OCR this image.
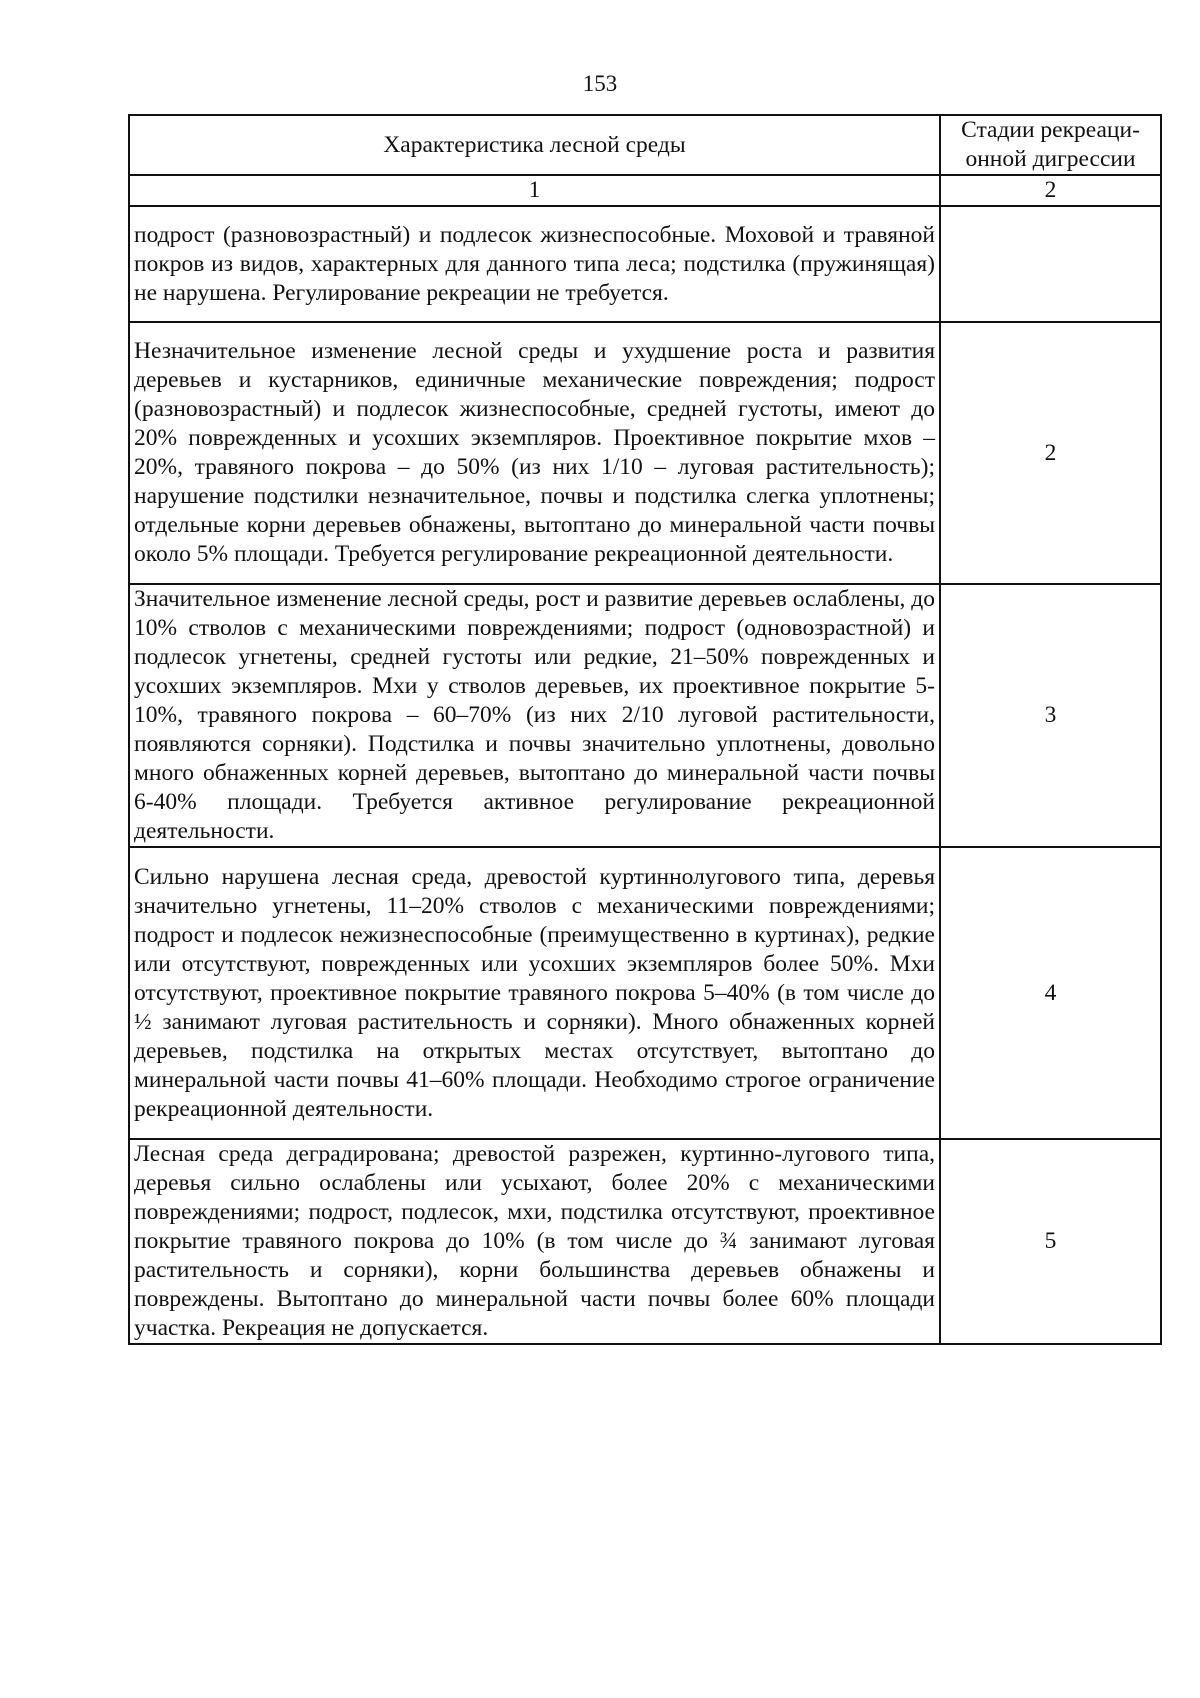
153
Характеристика лесной среды	Стадии рекреаци-
онной дигрессии
1	2
подрост (разновозрастный) и подлесок жизнеспособные. Моховой и травяной покров из видов, характерных для данного типа леса; подстилка (пружинящая) не нарушена. Регулирование рекреации не требуется.	
Незначительное изменение лесной среды и ухудшение роста и развития деревьев и кустарников, единичные механические повреждения; подрост (разновозрастный) и подлесок жизнеспособные, средней густоты, имеют до 20% поврежденных и усохших экземпляров. Проективное покрытие мхов – 20%, травяного покрова – до 50% (из них 1/10 – луговая растительность); нарушение подстилки незначительное, почвы и подстилка слегка уплотнены; отдельные корни деревьев обнажены, вытоптано до минеральной части почвы около 5% площади. Требуется регулирование рекреационной деятельности.	2
Значительное изменение лесной среды, рост и развитие деревьев ослаблены, до 10% стволов с механическими повреждениями; подрост (одновозрастной) и подлесок угнетены, средней густоты или редкие, 21–50% поврежденных и усохших экземпляров. Мхи у стволов деревьев, их проективное покрытие 5-10%, травяного покрова – 60–70% (из них 2/10 луговой растительности, появляются сорняки). Подстилка и почвы значительно уплотнены, довольно много обнаженных корней деревьев, вытоптано до минеральной части почвы 6-40% площади. Требуется активное регулирование рекреационной деятельности.	3
Сильно нарушена лесная среда, древостой куртиннолугового типа, деревья значительно угнетены, 11–20% стволов с механическими повреждениями; подрост и подлесок нежизнеспособные (преимущественно в куртинах), редкие или отсутствуют, поврежденных или усохших экземпляров более 50%. Мхи отсутствуют, проективное покрытие травяного покрова 5–40% (в том числе до ½ занимают луговая растительность и сорняки). Много обнаженных корней деревьев, подстилка на открытых местах отсутствует, вытоптано до минеральной части почвы 41–60% площади. Необходимо строгое ограничение рекреационной деятельности.	4
Лесная среда деградирована; древостой разрежен, куртинно-лугового типа, деревья сильно ослаблены или усыхают, более 20% с механическими повреждениями; подрост, подлесок, мхи, подстилка отсутствуют, проективное покрытие травяного покрова до 10% (в том числе до ¾ занимают луговая растительность и сорняки), корни большинства деревьев обнажены и повреждены. Вытоптано до минеральной части почвы более 60% площади участка. Рекреация не допускается.	5
